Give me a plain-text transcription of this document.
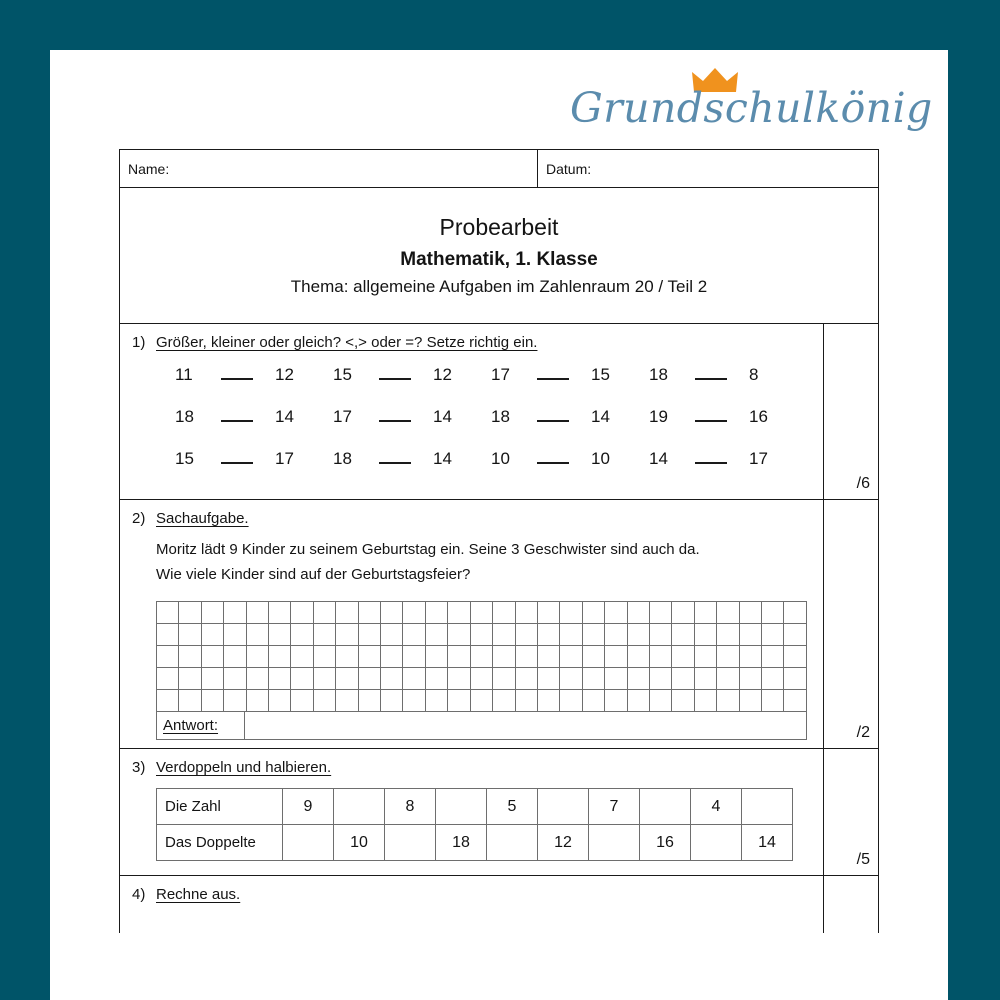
Grundschulkönig
Name:	Datum:
Probearbeit
Mathematik, 1. Klasse
Thema: allgemeine Aufgaben im Zahlenraum 20 / Teil 2
1) Größer, kleiner oder gleich? <,> oder =? Setze richtig ein.
11	12	15	12	17	15	18	8
18	14	17	14	18	14	19	16
15	17	18	14	10	10	14	17
/6
2) Sachaufgabe.
Moritz lädt 9 Kinder zu seinem Geburtstag ein. Seine 3 Geschwister sind auch da.
Wie viele Kinder sind auf der Geburtstagsfeier?
Antwort:	/2
3) Verdoppeln und halbieren.
Die Zahl	9		8		5		7		4	
Das Doppelte		10		18		12		16		14
/5
4) Rechne aus.
